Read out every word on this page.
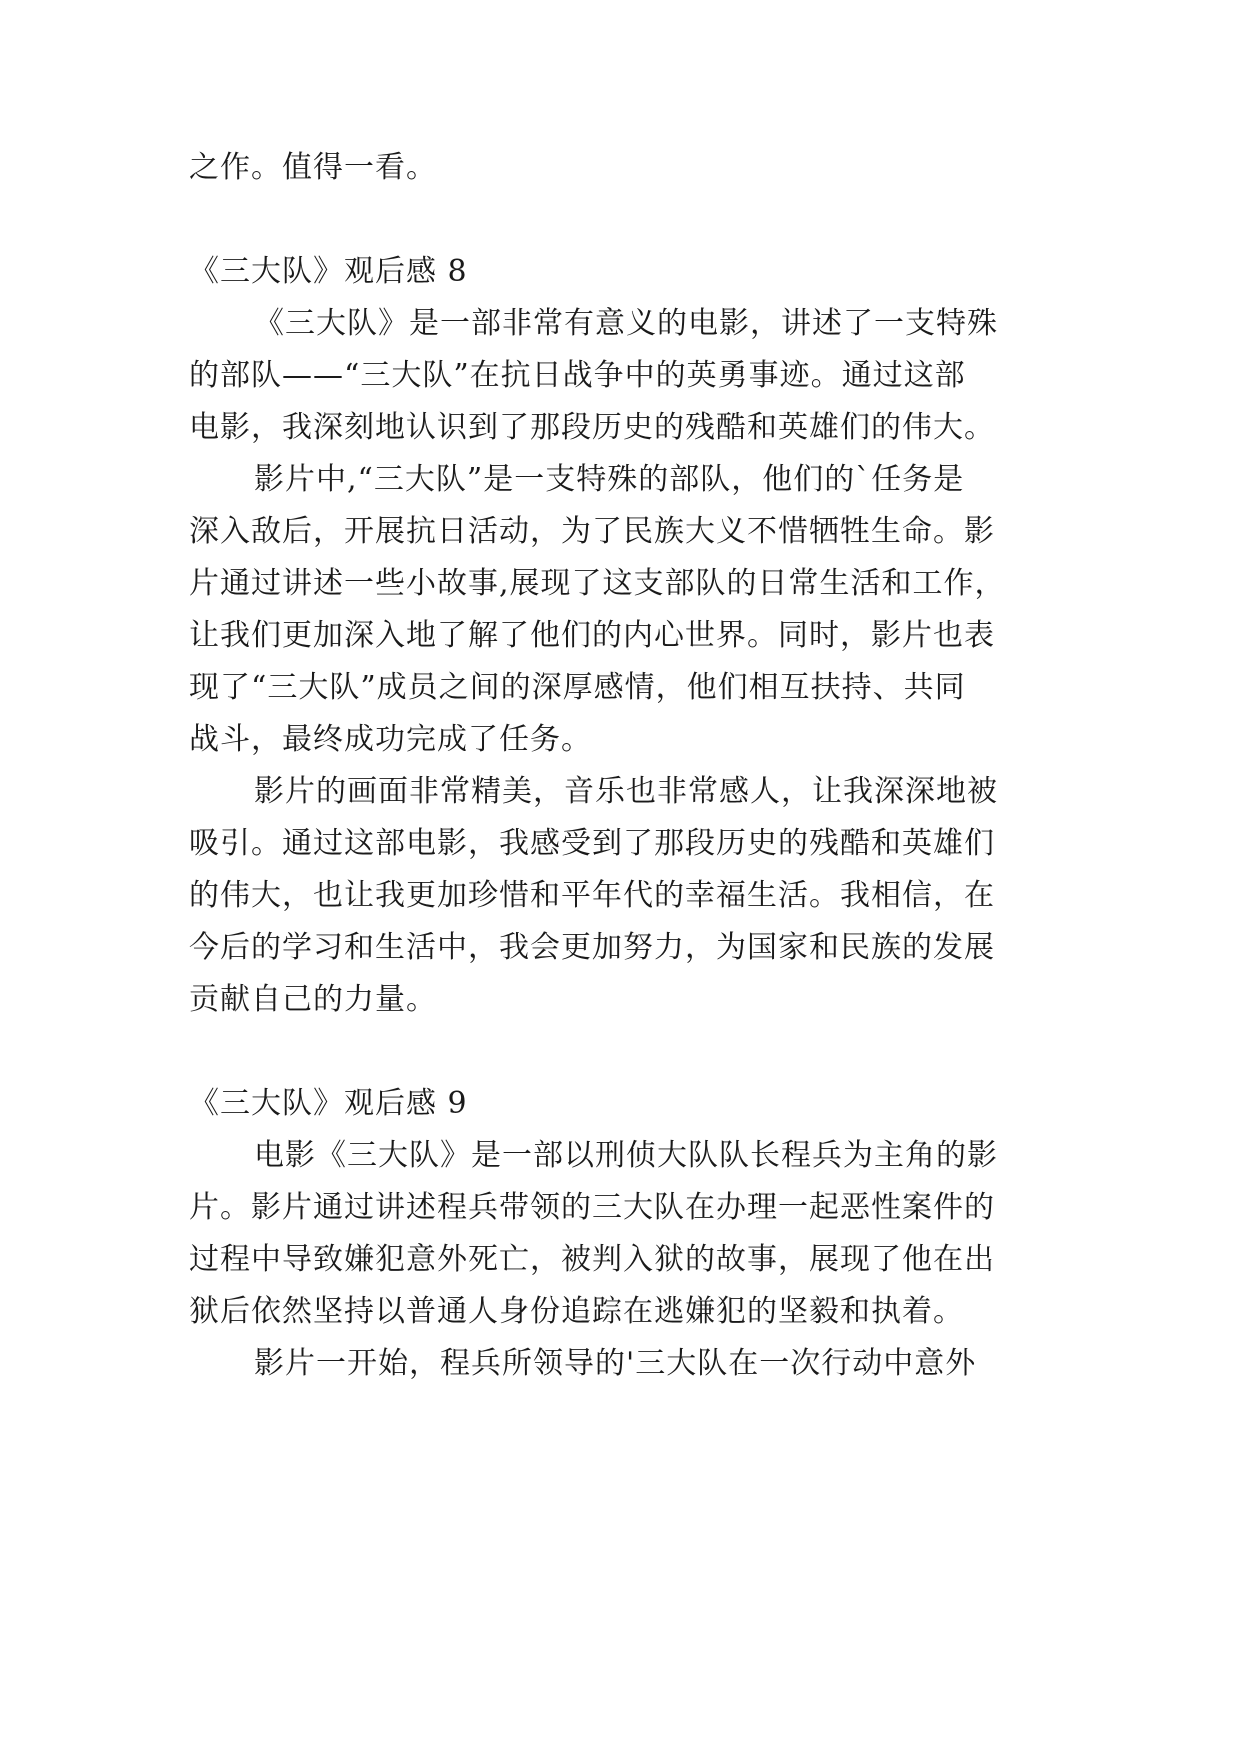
之作。值得一看。
《三大队》观后感 8
《三大队》是一部非常有意义的电影，讲述了一支特殊
的部队——“三大队”在抗日战争中的英勇事迹。通过这部
电影，我深刻地认识到了那段历史的残酷和英雄们的伟大。
影片中,“三大队”是一支特殊的部队，他们的`任务是
深入敌后，开展抗日活动，为了民族大义不惜牺牲生命。影
片通过讲述一些小故事,展现了这支部队的日常生活和工作，
让我们更加深入地了解了他们的内心世界。同时，影片也表
现了“三大队”成员之间的深厚感情，他们相互扶持、共同
战斗，最终成功完成了任务。
影片的画面非常精美，音乐也非常感人，让我深深地被
吸引。通过这部电影，我感受到了那段历史的残酷和英雄们
的伟大，也让我更加珍惜和平年代的幸福生活。我相信，在
今后的学习和生活中，我会更加努力，为国家和民族的发展
贡献自己的力量。
《三大队》观后感 9
电影《三大队》是一部以刑侦大队队长程兵为主角的影
片。影片通过讲述程兵带领的三大队在办理一起恶性案件的
过程中导致嫌犯意外死亡，被判入狱的故事，展现了他在出
狱后依然坚持以普通人身份追踪在逃嫌犯的坚毅和执着。
影片一开始，程兵所领导的'三大队在一次行动中意外
